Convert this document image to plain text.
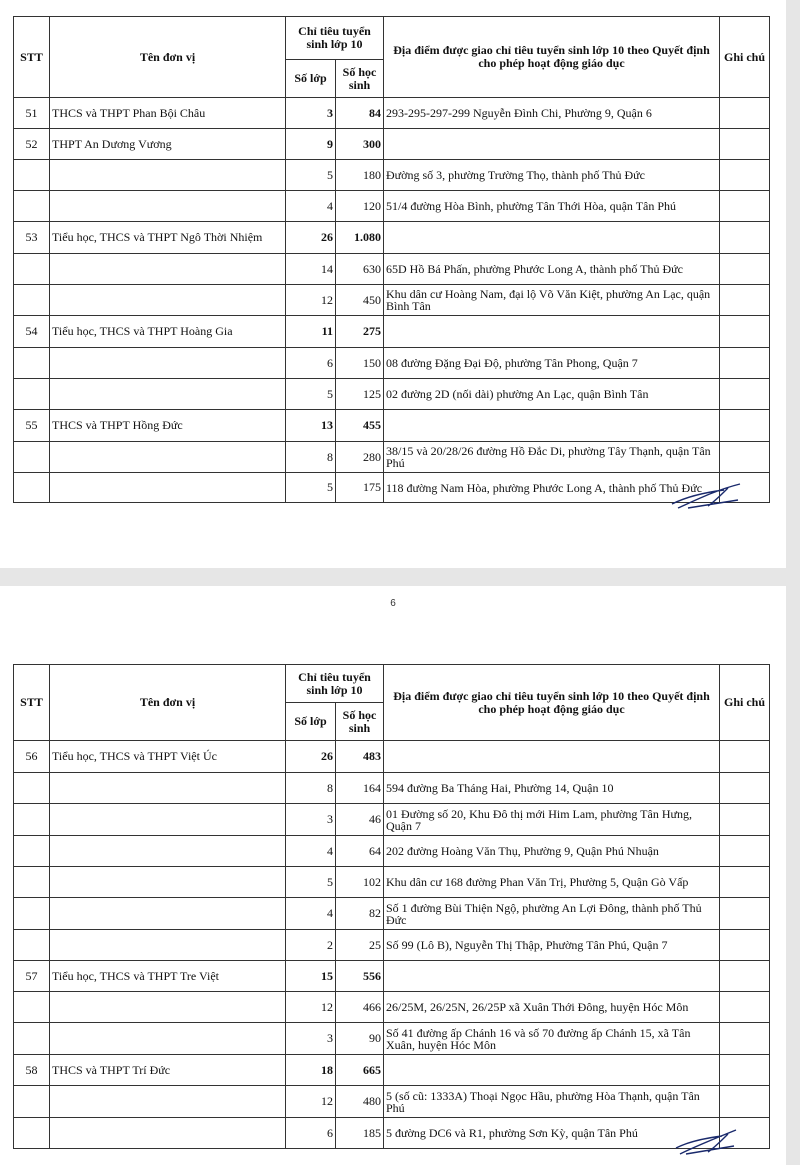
STT	Tên đơn vị	Chỉ tiêu tuyển sinh lớp 10		Địa điểm được giao chỉ tiêu tuyển sinh lớp 10 theo Quyết định cho phép hoạt động giáo dục	Ghi chú
		Số lớp	Số học sinh		
51	THCS và THPT Phan Bội Châu	3	84	293-295-297-299 Nguyễn Đình Chi, Phường 9, Quận 6	
52	THPT An Dương Vương	9	300		
		5	180	Đường số 3, phường Trường Thọ, thành phố Thủ Đức	
		4	120	51/4 đường Hòa Bình, phường Tân Thới Hòa, quận Tân Phú	
53	Tiểu học, THCS và THPT Ngô Thời Nhiệm	26	1.080		
		14	630	65D Hồ Bá Phấn, phường Phước Long A, thành phố Thủ Đức	
		12	450	Khu dân cư Hoàng Nam, đại lộ Võ Văn Kiệt, phường An Lạc, quận Bình Tân	
54	Tiểu học, THCS và THPT Hoàng Gia	11	275		
		6	150	08 đường Đặng Đại Độ, phường Tân Phong, Quận 7	
		5	125	02 đường 2D (nối dài) phường An Lạc, quận Bình Tân	
55	THCS và THPT Hồng Đức	13	455		
		8	280	38/15 và 20/28/26 đường Hồ Đắc Di, phường Tây Thạnh, quận Tân Phú	
		5	175	118 đường Nam Hòa, phường Phước Long A, thành phố Thủ Đức	
6
STT	Tên đơn vị	Chỉ tiêu tuyển sinh lớp 10		Địa điểm được giao chỉ tiêu tuyển sinh lớp 10 theo Quyết định cho phép hoạt động giáo dục	Ghi chú
		Số lớp	Số học sinh		
56	Tiểu học, THCS và THPT Việt Úc	26	483		
		8	164	594 đường Ba Tháng Hai, Phường 14, Quận 10	
		3	46	01 Đường số 20, Khu Đô thị mới Him Lam, phường Tân Hưng, Quận 7	
		4	64	202 đường Hoàng Văn Thụ, Phường 9, Quận Phú Nhuận	
		5	102	Khu dân cư 168 đường Phan Văn Trị, Phường 5, Quận Gò Vấp	
		4	82	Số 1 đường Bùi Thiện Ngộ, phường An Lợi Đông, thành phố Thủ Đức	
		2	25	Số 99 (Lô B), Nguyễn Thị Thập, Phường Tân Phú, Quận 7	
57	Tiểu học, THCS và THPT Tre Việt	15	556		
		12	466	26/25M, 26/25N, 26/25P xã Xuân Thới Đông, huyện Hóc Môn	
		3	90	Số 41 đường ấp Chánh 16 và số 70 đường ấp Chánh 15, xã Tân Xuân, huyện Hóc Môn	
58	THCS và THPT Trí Đức	18	665		
		12	480	5 (số cũ: 1333A) Thoại Ngọc Hầu, phường Hòa Thạnh, quận Tân Phú	
		6	185	5 đường DC6 và R1, phường Sơn Kỳ, quận Tân Phú	
